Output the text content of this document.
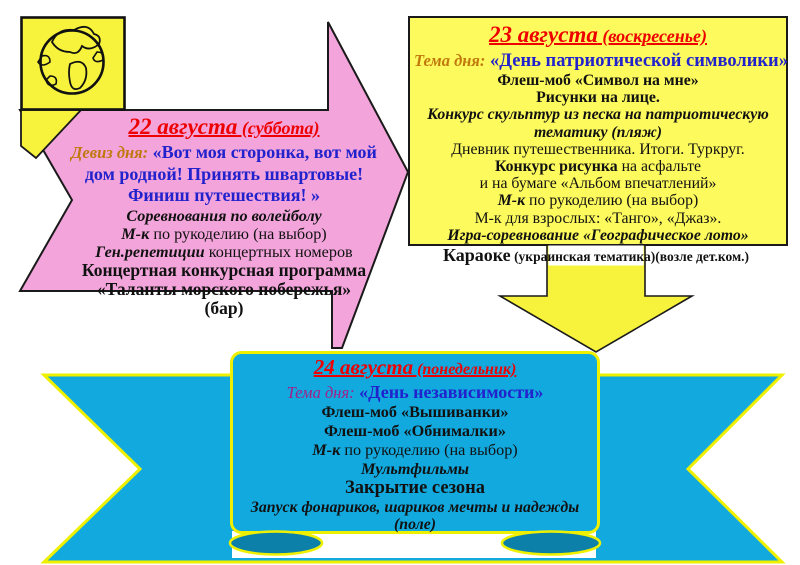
22 августа (суббота)
Девиз дня: «Вот моя сторонка, вот мой
дом родной! Принять швартовые!
Финиш путешествия! »
Соревнования по волейболу
М-к по рукоделию (на выбор)
Ген.репетиции концертных номеров
Концертная конкурсная программа
«Таланты морского побережья»
(бар)
23 августа (воскресенье)
Тема дня: «День патриотической символики»
Флеш-моб «Символ на мне»
Рисунки на лице.
Конкурс скульптур из песка на патриотическую
тематику (пляж)
Дневник путешественника. Итоги. Туркруг.
Конкурс рисунка на асфальте
и на бумаге «Альбом впечатлений»
М-к по рукоделию (на выбор)
М-к для взрослых: «Танго», «Джаз».
Игра-соревнование «Географическое лото»
Караоке (украинская тематика)(возле дет.ком.)
24 августа (понедельник)
Тема дня: «День независимости»
Флеш-моб «Вышиванки»
Флеш-моб «Обнималки»
М-к по рукоделию (на выбор)
Мультфильмы
Закрытие сезона
Запуск фонариков, шариков мечты и надежды
(поле)
